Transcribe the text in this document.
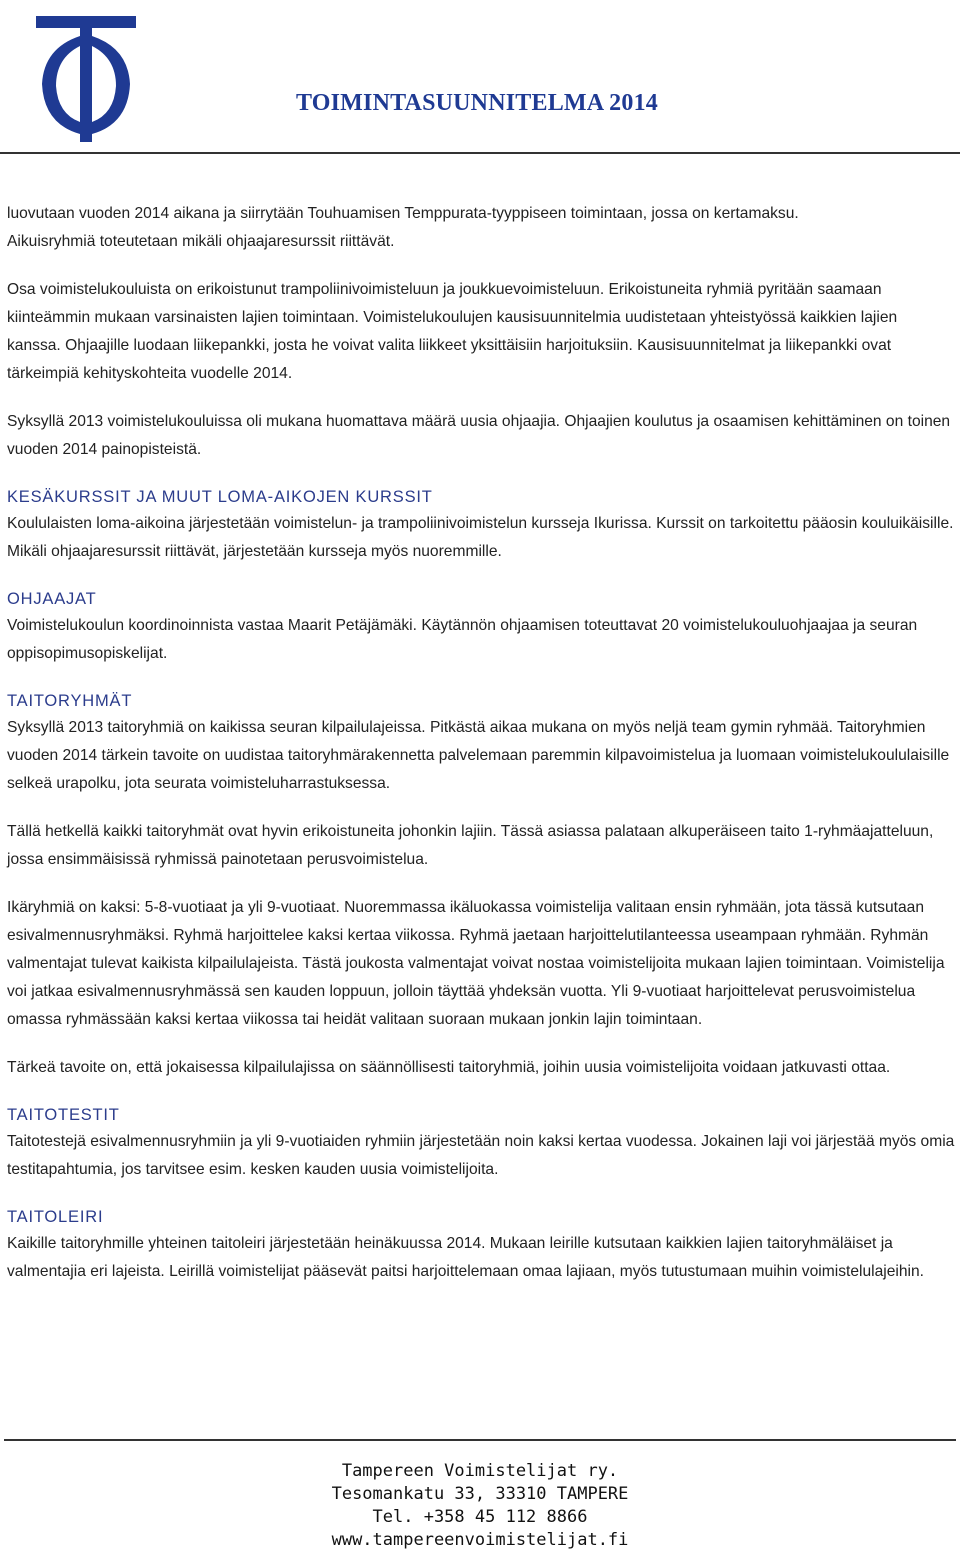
TOIMINTASUUNNITELMA 2014

luovutaan vuoden 2014 aikana ja siirrytään Touhuamisen Temppurata-tyyppiseen toimintaan, jossa on kertamaksu.

Aikuisryhmiä toteutetaan mikäli ohjaajaresurssit riittävät.

Osa voimistelukouluista on erikoistunut trampoliinivoimisteluun ja joukkuevoimisteluun. Erikoistuneita ryhmiä pyritään saamaan kiinteämmin mukaan varsinaisten lajien toimintaan. Voimistelukoulujen kausisuunnitelmia uudistetaan yhteistyössä kaikkien lajien kanssa. Ohjaajille luodaan liikepankki, josta he voivat valita liikkeet yksittäisiin harjoituksiin. Kausisuunnitelmat ja liikepankki ovat tärkeimpiä kehityskohteita vuodelle 2014.

Syksyllä 2013 voimistelukouluissa oli mukana huomattava määrä uusia ohjaajia. Ohjaajien koulutus ja osaamisen kehittäminen on toinen vuoden 2014 painopisteistä.

KESÄKURSSIT JA MUUT LOMA-AIKOJEN KURSSIT

Koululaisten loma-aikoina järjestetään voimistelun- ja trampoliinivoimistelun kursseja Ikurissa. Kurssit on tarkoitettu pääosin kouluikäisille. Mikäli ohjaajaresurssit riittävät, järjestetään kursseja myös nuoremmille.

OHJAAJAT

Voimistelukoulun koordinoinnista vastaa Maarit Petäjämäki. Käytännön ohjaamisen toteuttavat 20 voimistelukouluohjaajaa ja seuran oppisopimusopiskelijat.

TAITORYHMÄT

Syksyllä 2013 taitoryhmiä on kaikissa seuran kilpailulajeissa. Pitkästä aikaa mukana on myös neljä team gymin ryhmää. Taitoryhmien vuoden 2014 tärkein tavoite on uudistaa taitoryhmärakennetta palvelemaan paremmin kilpavoimistelua ja luomaan voimistelukoululaisille selkeä urapolku, jota seurata voimisteluharrastuksessa.

Tällä hetkellä kaikki taitoryhmät ovat hyvin erikoistuneita johonkin lajiin. Tässä asiassa palataan alkuperäiseen taito 1-ryhmäajatteluun, jossa ensimmäisissä ryhmissä painotetaan perusvoimistelua.

Ikäryhmiä on kaksi: 5-8-vuotiaat ja yli 9-vuotiaat. Nuoremmassa ikäluokassa voimistelija valitaan ensin ryhmään, jota tässä kutsutaan esivalmennusryhmäksi. Ryhmä harjoittelee kaksi kertaa viikossa. Ryhmä jaetaan harjoittelutilanteessa useampaan ryhmään. Ryhmän valmentajat tulevat kaikista kilpailulajeista. Tästä joukosta valmentajat voivat nostaa voimistelijoita mukaan lajien toimintaan. Voimistelija voi jatkaa esivalmennusryhmässä sen kauden loppuun, jolloin täyttää yhdeksän vuotta. Yli 9-vuotiaat harjoittelevat perusvoimistelua omassa ryhmässään kaksi kertaa viikossa tai heidät valitaan suoraan mukaan jonkin lajin toimintaan.

Tärkeä tavoite on, että jokaisessa kilpailulajissa on säännöllisesti taitoryhmiä, joihin uusia voimistelijoita voidaan jatkuvasti ottaa.

TAITOTESTIT

Taitotestejä esivalmennusryhmiin ja yli 9-vuotiaiden ryhmiin järjestetään noin kaksi kertaa vuodessa. Jokainen laji voi järjestää myös omia testitapahtumia, jos tarvitsee esim. kesken kauden uusia voimistelijoita.

TAITOLEIRI

Kaikille taitoryhmille yhteinen taitoleiri järjestetään heinäkuussa 2014. Mukaan leirille kutsutaan kaikkien lajien taitoryhmäläiset ja valmentajia eri lajeista. Leirillä voimistelijat pääsevät paitsi harjoittelemaan omaa lajiaan, myös tutustumaan muihin voimistelulajeihin.

Tampereen Voimistelijat ry.
Tesomankatu 33, 33310 TAMPERE
Tel. +358 45 112 8866
www.tampereenvoimistelijat.fi
